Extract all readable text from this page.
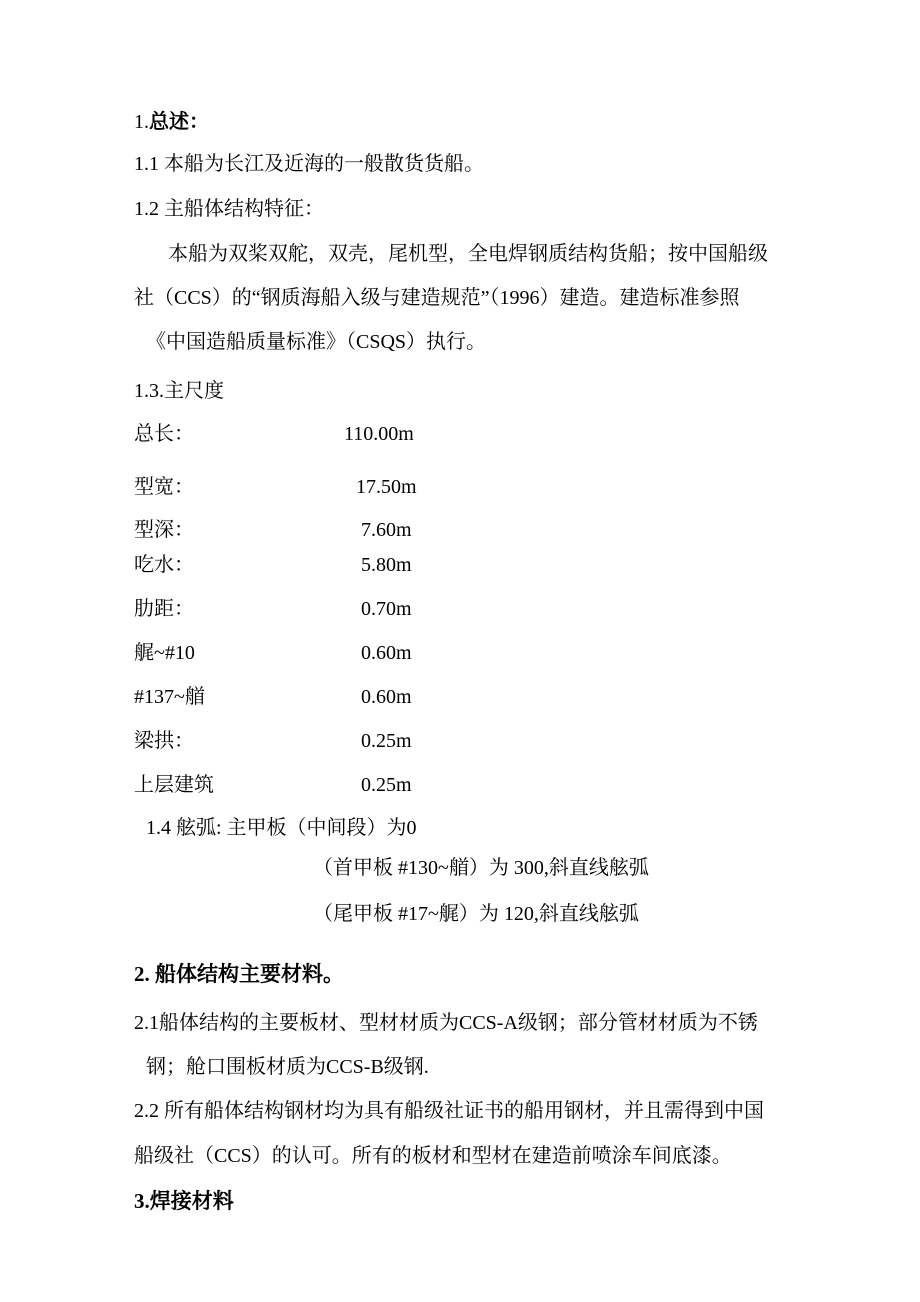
1.总述：
1.1 本船为长江及近海的一般散货货船。
1.2 主船体结构特征：
本船为双桨双舵，双壳，尾机型，全电焊钢质结构货船；按中国船级
社（CCS）的“钢质海船入级与建造规范”（1996）建造。建造标准参照
《中国造船质量标准》（CSQS）执行。
1.3.主尺度
总长：	110.00m
型宽：	17.50m
型深：	7.60m
吃水：	5.80m
肋距：	0.70m
艉~#10	0.60m
#137~艏	0.60m
梁拱：	0.25m
上层建筑	0.25m
1.4 舷弧: 主甲板（中间段）为0
（首甲板 #130~艏）为 300,斜直线舷弧
（尾甲板 #17~艉）为 120,斜直线舷弧
2. 船体结构主要材料。
2.1船体结构的主要板材、型材材质为CCS-A级钢；部分管材材质为不锈
钢；舱口围板材质为CCS-B级钢.
2.2 所有船体结构钢材均为具有船级社证书的船用钢材，并且需得到中国
船级社（CCS）的认可。所有的板材和型材在建造前喷涂车间底漆。
3.焊接材料
